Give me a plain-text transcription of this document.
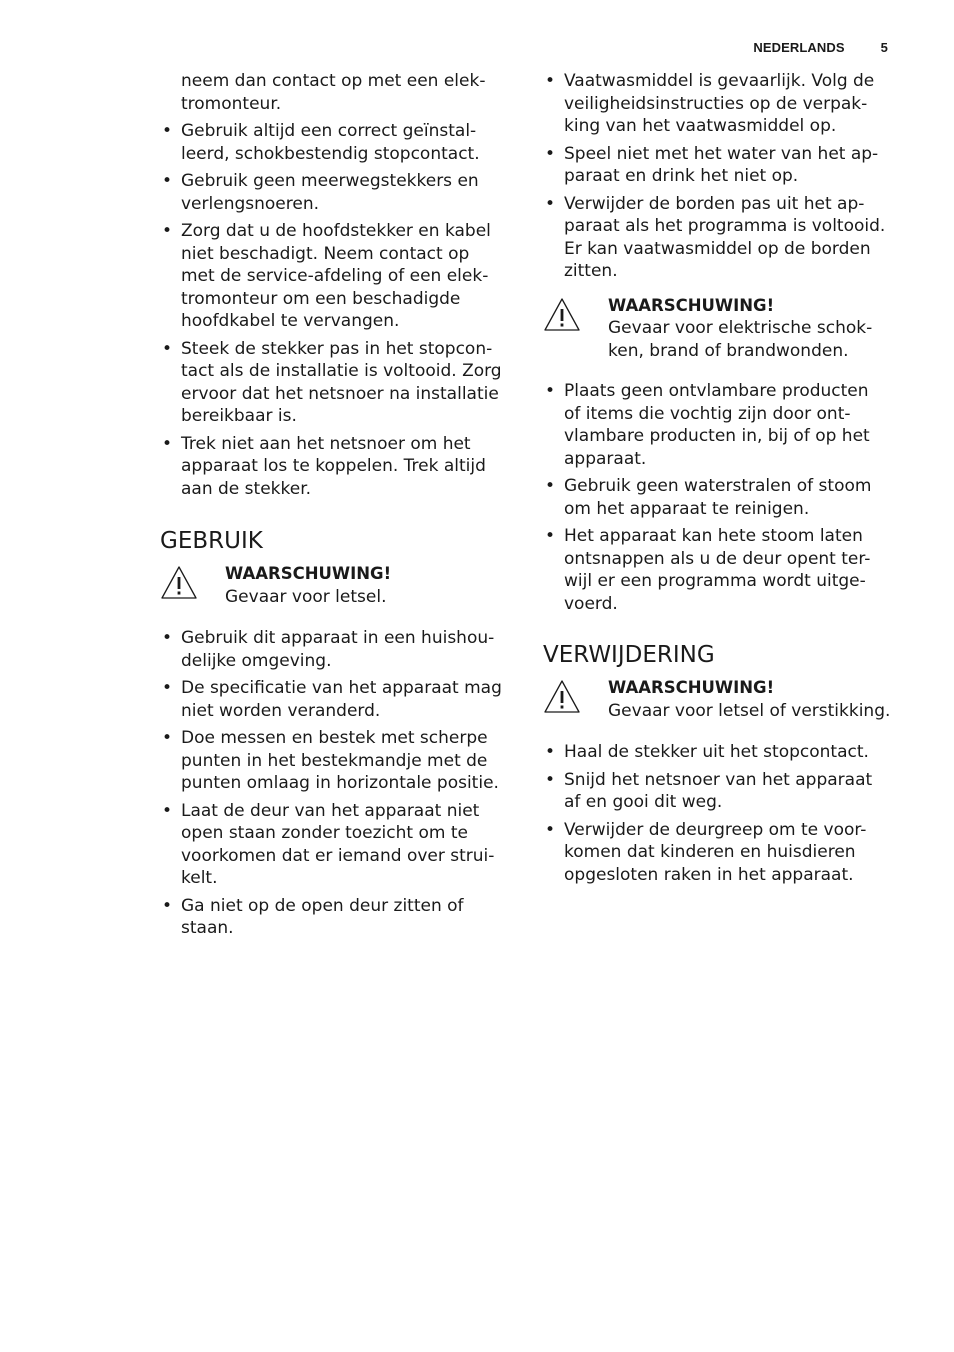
NEDERLANDS	5
neem dan contact op met een elek-
tromonteur.
• Gebruik altijd een correct geïnstal-
leerd, schokbestendig stopcontact.
• Gebruik geen meerwegstekkers en
verlengsnoeren.
• Zorg dat u de hoofdstekker en kabel
niet beschadigt. Neem contact op
met de service-afdeling of een elek-
tromonteur om een beschadigde
hoofdkabel te vervangen.
• Steek de stekker pas in het stopcon-
tact als de installatie is voltooid. Zorg
ervoor dat het netsnoer na installatie
bereikbaar is.
• Trek niet aan het netsnoer om het
apparaat los te koppelen. Trek altijd
aan de stekker.
GEBRUIK
WAARSCHUWING!
Gevaar voor letsel.
• Gebruik dit apparaat in een huishou-
delijke omgeving.
• De specificatie van het apparaat mag
niet worden veranderd.
• Doe messen en bestek met scherpe
punten in het bestekmandje met de
punten omlaag in horizontale positie.
• Laat de deur van het apparaat niet
open staan zonder toezicht om te
voorkomen dat er iemand over strui-
kelt.
• Ga niet op de open deur zitten of
staan.
• Vaatwasmiddel is gevaarlijk. Volg de
veiligheidsinstructies op de verpak-
king van het vaatwasmiddel op.
• Speel niet met het water van het ap-
paraat en drink het niet op.
• Verwijder de borden pas uit het ap-
paraat als het programma is voltooid.
Er kan vaatwasmiddel op de borden
zitten.
WAARSCHUWING!
Gevaar voor elektrische schok-
ken, brand of brandwonden.
• Plaats geen ontvlambare producten
of items die vochtig zijn door ont-
vlambare producten in, bij of op het
apparaat.
• Gebruik geen waterstralen of stoom
om het apparaat te reinigen.
• Het apparaat kan hete stoom laten
ontsnappen als u de deur opent ter-
wijl er een programma wordt uitge-
voerd.
VERWIJDERING
WAARSCHUWING!
Gevaar voor letsel of verstikking.
• Haal de stekker uit het stopcontact.
• Snijd het netsnoer van het apparaat
af en gooi dit weg.
• Verwijder de deurgreep om te voor-
komen dat kinderen en huisdieren
opgesloten raken in het apparaat.
